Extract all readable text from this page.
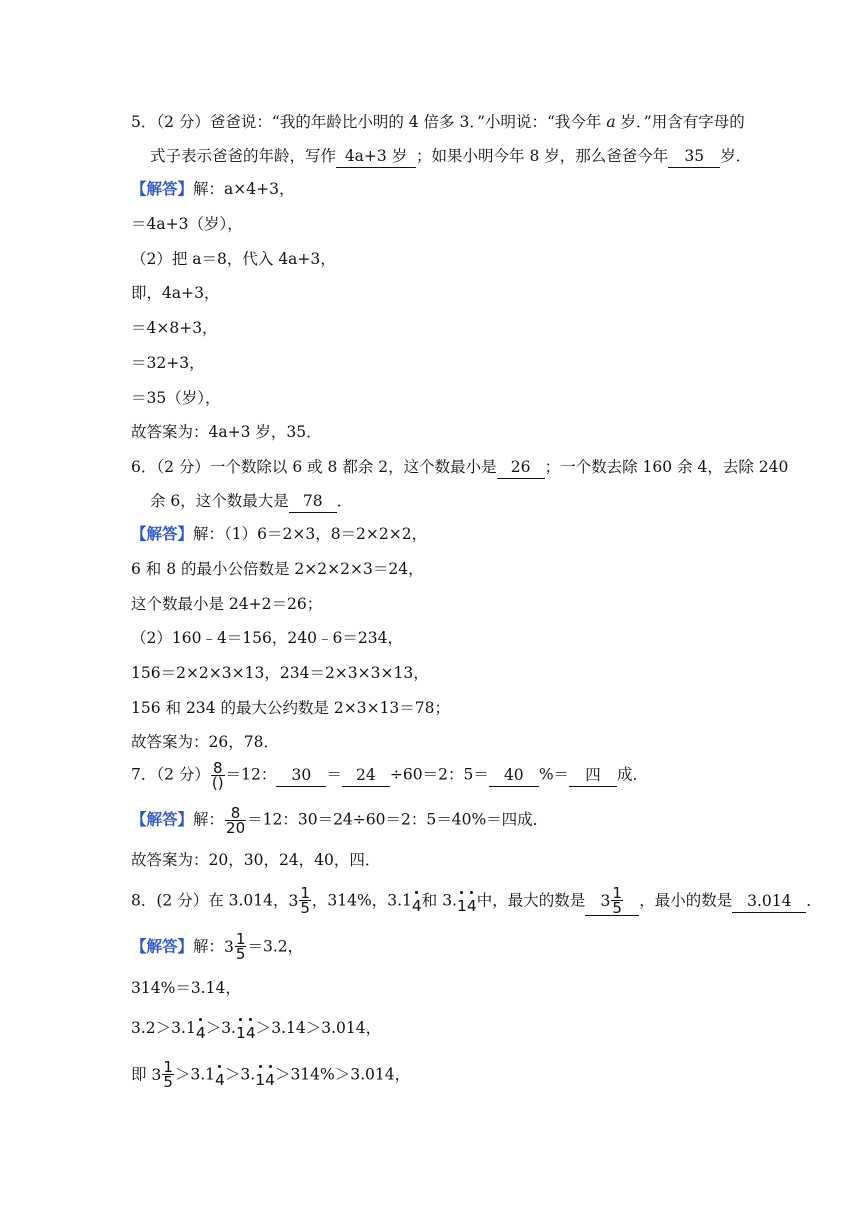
5．（2 分）爸爸说：“我的年龄比小明的 4 倍多 3．”小明说：“我今年 a 岁．”用含有字母的
式子表示爸爸的年龄，写作 4a+3 岁 ；如果小明今年 8 岁，那么爸爸今年 35 岁．
【解答】解：a×4+3，
＝4a+3（岁），
（2）把 a＝8，代入 4a+3，
即，4a+3，
＝4×8+3，
＝32+3，
＝35（岁），
故答案为：4a+3 岁，35．
6．（2 分）一个数除以 6 或 8 都余 2，这个数最小是 26 ；一个数去除 160 余 4，去除 240
余 6，这个数最大是 78 ．
【解答】解：（1）6＝2×3，8＝2×2×2，
6 和 8 的最小公倍数是 2×2×2×3＝24，
这个数最小是 24+2＝26；
（2）160﹣4＝156，240﹣6＝234，
156＝2×2×3×13，234＝2×3×3×13，
156 和 234 的最大公约数是 2×3×13＝78；
故答案为：26，78．
7．（2 分） $\frac{8}{()} =12$： 30 ＝ 24 ÷60＝2：5＝ 40 %＝ 四 成．
【解答】解： $\frac{8}{20} =12$：30＝24÷60＝2：5＝40%＝四成．
故答案为：20，30，24，40，四．
8．(2 分）在 3.014， $3 \frac{1}{5}$ ，314%，3.14和 3.14中，最大的数是 $3 \frac{1}{5}$ ，最小的数是 3.014 ．
【解答】解： $3 \frac{1}{5} =3.2$，
314%＝3.14，
3.2＞3.14＞3.14＞3.14＞3.014，
即 $3 \frac{1}{5} >3.14>3.14>314\%>3.014$，
